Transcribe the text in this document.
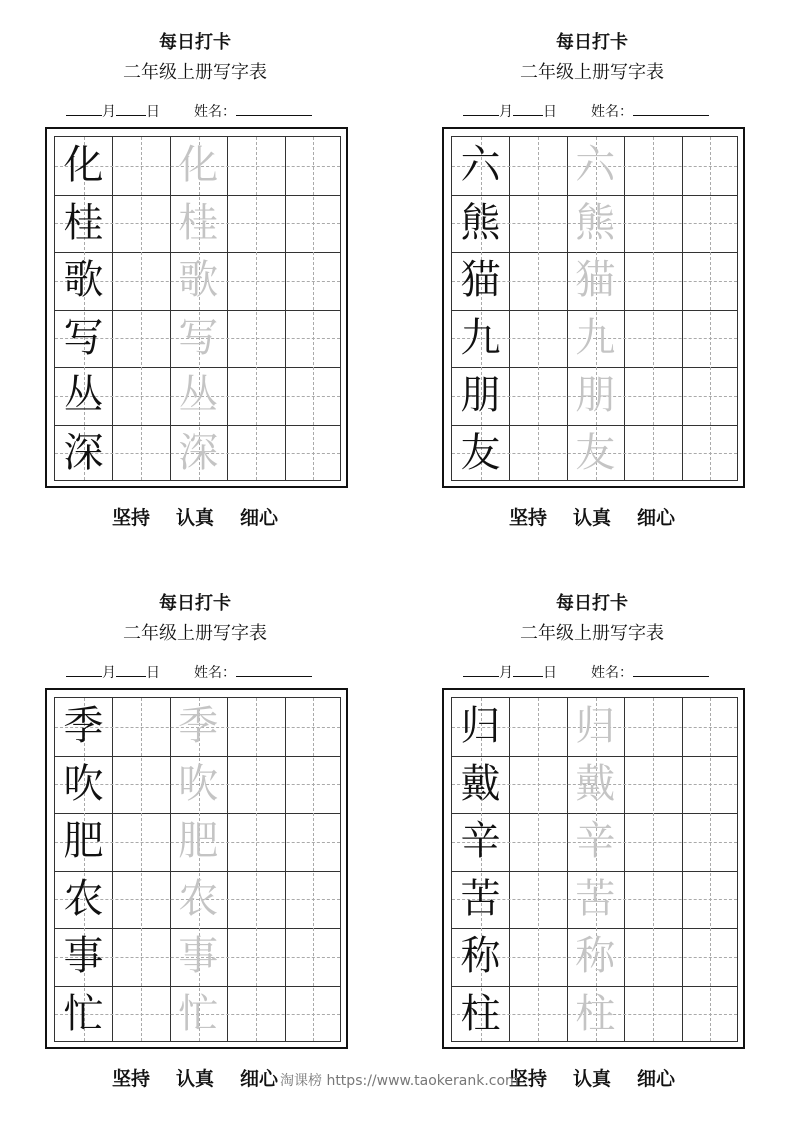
每日打卡
二年级上册写字表
月 日 姓名：
化 化
桂 桂
歌 歌
写 写
丛 丛
深 深
坚持 认真 细心
每日打卡
二年级上册写字表
月 日 姓名：
六 六
熊 熊
猫 猫
九 九
朋 朋
友 友
坚持 认真 细心
每日打卡
二年级上册写字表
月 日 姓名：
季 季
吹 吹
肥 肥
农 农
事 事
忙 忙
坚持 认真 细心
每日打卡
二年级上册写字表
月 日 姓名：
归 归
戴 戴
辛 辛
苦 苦
称 称
柱 柱
坚持 认真 细心
淘课榜 https://www.taokerank.com
